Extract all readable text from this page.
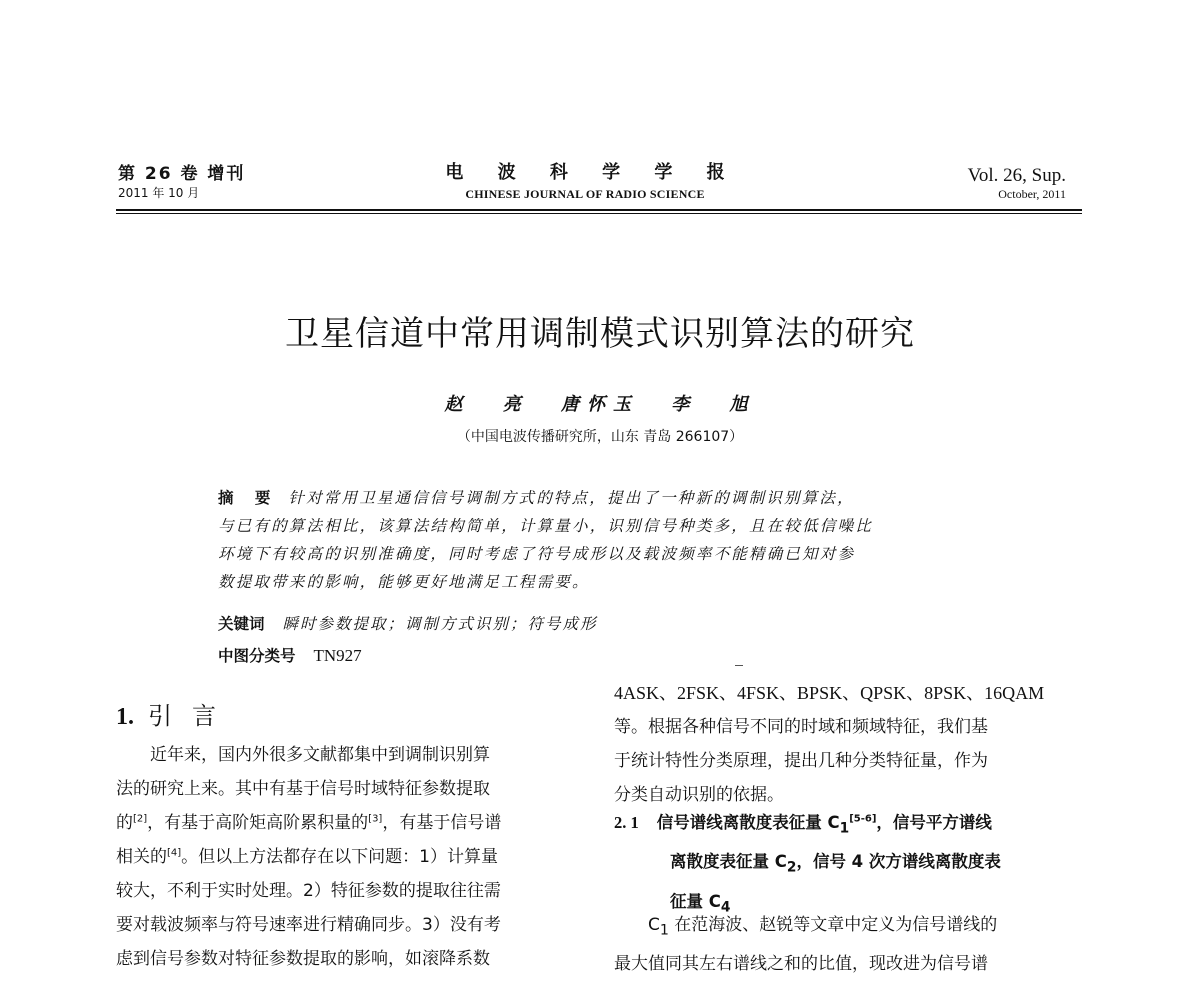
第 26 卷 增刊
2011 年 10 月
电 波 科 学 学 报
CHINESE JOURNAL OF RADIO SCIENCE
Vol. 26, Sup.
October, 2011
卫星信道中常用调制模式识别算法的研究
赵 亮 唐怀玉 李 旭
（中国电波传播研究所，山东 青岛 266107）
摘 要 针对常用卫星通信信号调制方式的特点，提出了一种新的调制识别算法，
与已有的算法相比，该算法结构简单，计算量小，识别信号种类多，且在较低信噪比
环境下有较高的识别准确度，同时考虑了符号成形以及载波频率不能精确已知对参
数提取带来的影响，能够更好地满足工程需要。
关键词 瞬时参数提取；调制方式识别；符号成形
中图分类号 TN927
1. 引 言
近年来，国内外很多文献都集中到调制识别算
法的研究上来。其中有基于信号时域特征参数提取
的[2]，有基于高阶矩高阶累积量的[3]，有基于信号谱
相关的[4]。但以上方法都存在以下问题：1）计算量
较大，不利于实时处理。2）特征参数的提取往往需
要对载波频率与符号速率进行精确同步。3）没有考
虑到信号参数对特征参数提取的影响，如滚降系数
4ASK、2FSK、4FSK、BPSK、QPSK、8PSK、16QAM
等。根据各种信号不同的时域和频域特征，我们基
于统计特性分类原理，提出几种分类特征量，作为
分类自动识别的依据。
2. 1 信号谱线离散度表征量 $C_1[5-6]$，信号平方谱线
离散度表征量 $C_2$，信号 4 次方谱线离散度表
征量 $C_4$
$C_1$ 在范海波、赵锐等文章中定义为信号谱线的
最大值同其左右谱线之和的比值，现改进为信号谱
